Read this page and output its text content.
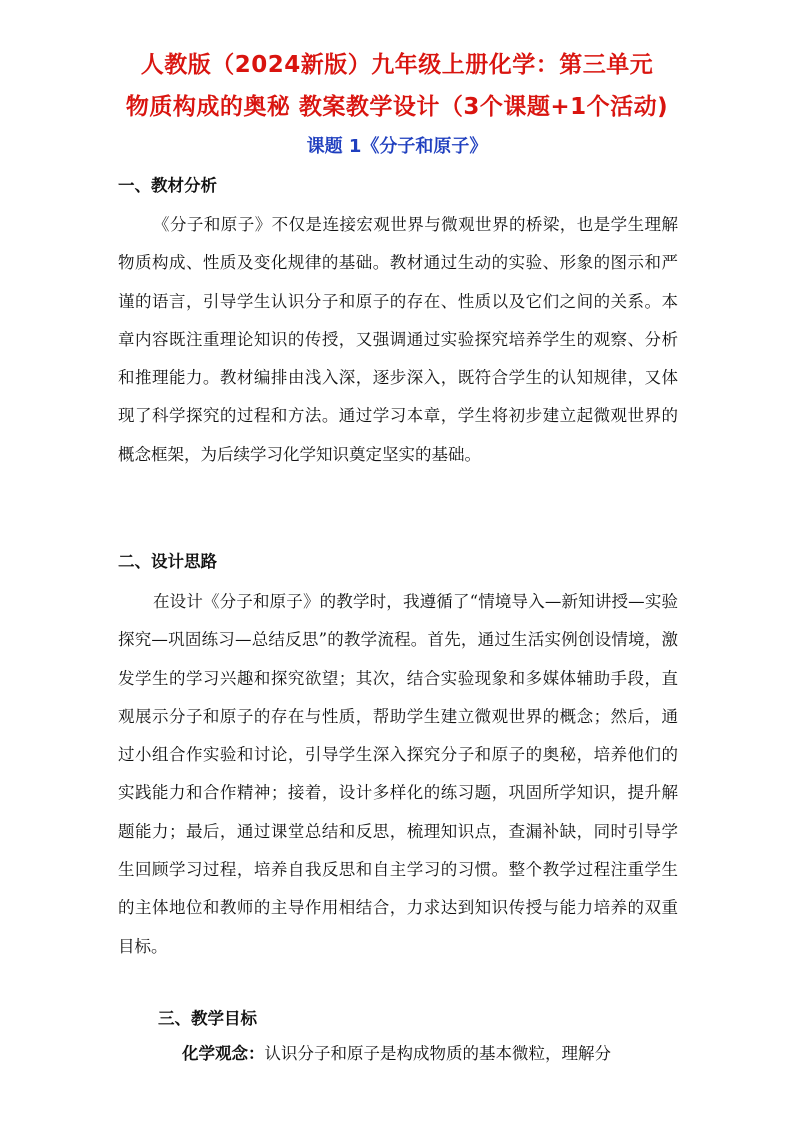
人教版（2024新版）九年级上册化学：第三单元
物质构成的奥秘 教案教学设计（3个课题+1个活动)
课题 1《分子和原子》
一、教材分析
《分子和原子》不仅是连接宏观世界与微观世界的桥梁，也是学生理解物质构成、性质及变化规律的基础。教材通过生动的实验、形象的图示和严谨的语言，引导学生认识分子和原子的存在、性质以及它们之间的关系。本章内容既注重理论知识的传授，又强调通过实验探究培养学生的观察、分析和推理能力。教材编排由浅入深，逐步深入，既符合学生的认知规律，又体现了科学探究的过程和方法。通过学习本章，学生将初步建立起微观世界的概念框架，为后续学习化学知识奠定坚实的基础。
二、设计思路
在设计《分子和原子》的教学时，我遵循了“情境导入—新知讲授—实验探究—巩固练习—总结反思”的教学流程。首先，通过生活实例创设情境，激发学生的学习兴趣和探究欲望；其次，结合实验现象和多媒体辅助手段，直观展示分子和原子的存在与性质，帮助学生建立微观世界的概念；然后，通过小组合作实验和讨论，引导学生深入探究分子和原子的奥秘，培养他们的实践能力和合作精神；接着，设计多样化的练习题，巩固所学知识，提升解题能力；最后，通过课堂总结和反思，梳理知识点，查漏补缺，同时引导学生回顾学习过程，培养自我反思和自主学习的习惯。整个教学过程注重学生的主体地位和教师的主导作用相结合，力求达到知识传授与能力培养的双重目标。
三、教学目标
化学观念：认识分子和原子是构成物质的基本微粒，理解分
